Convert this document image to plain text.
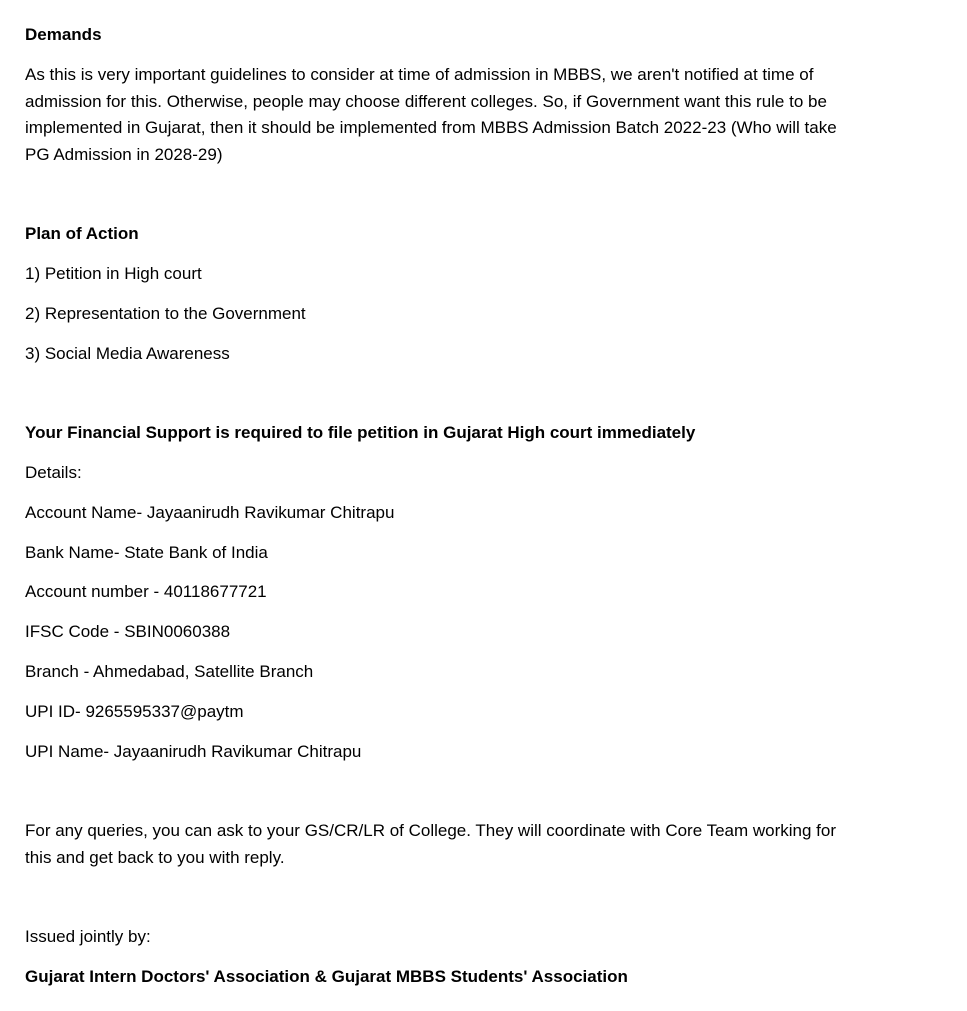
Demands
As this is very important guidelines to consider at time of admission in MBBS, we aren't notified at time of
admission for this. Otherwise, people may choose different colleges. So, if Government want this rule to be
implemented in Gujarat, then it should be implemented from MBBS Admission Batch 2022-23 (Who will take
PG Admission in 2028-29)
Plan of Action
1) Petition in High court
2) Representation to the Government
3) Social Media Awareness
Your Financial Support is required to file petition in Gujarat High court immediately
Details:
Account Name- Jayaanirudh Ravikumar Chitrapu
Bank Name- State Bank of India
Account number - 40118677721
IFSC Code - SBIN0060388
Branch - Ahmedabad, Satellite Branch
UPI ID- 9265595337@paytm
UPI Name- Jayaanirudh Ravikumar Chitrapu
For any queries, you can ask to your GS/CR/LR of College. They will coordinate with Core Team working for
this and get back to you with reply.
Issued jointly by:
Gujarat Intern Doctors' Association & Gujarat MBBS Students' Association
